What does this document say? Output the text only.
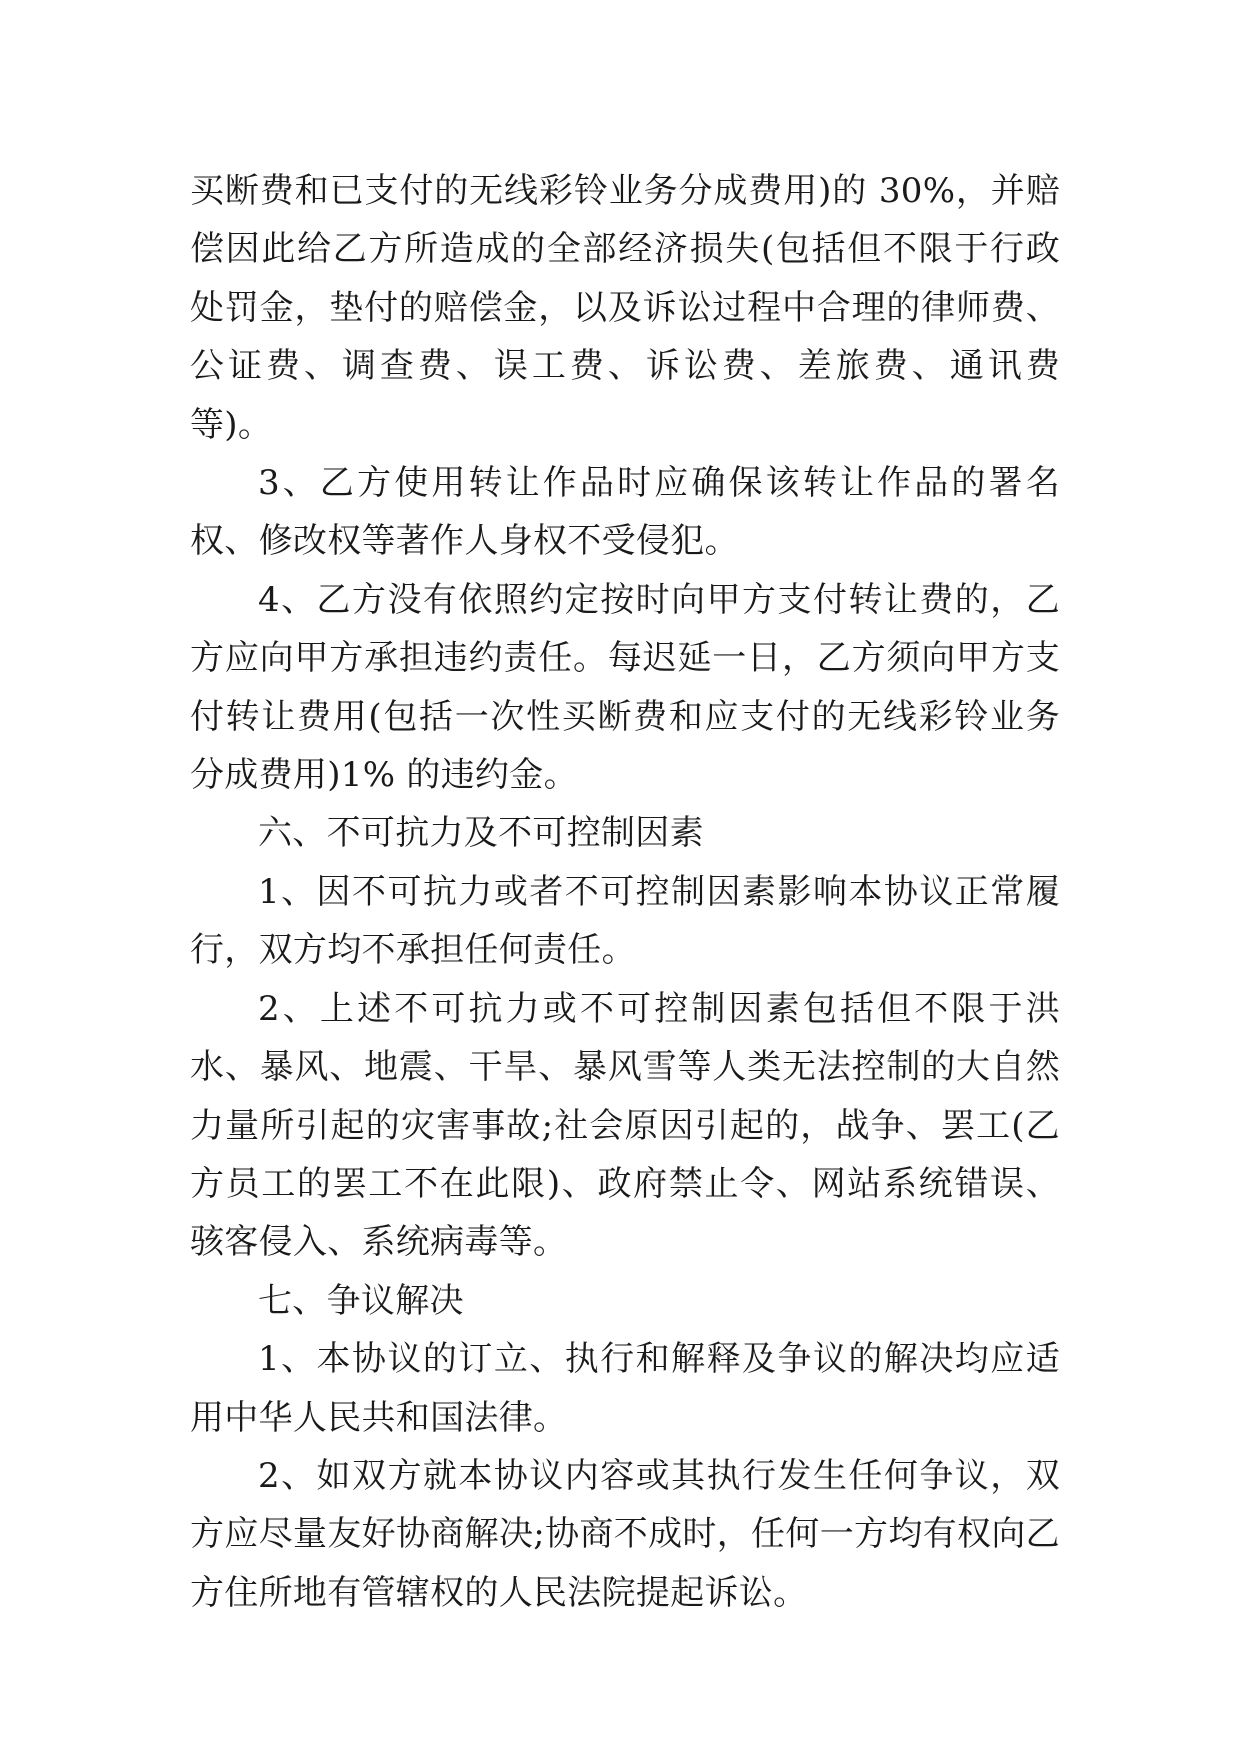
买断费和已支付的无线彩铃业务分成费用)的 30%，并赔偿因此给乙方所造成的全部经济损失(包括但不限于行政处罚金，垫付的赔偿金，以及诉讼过程中合理的律师费、公证费、调查费、误工费、诉讼费、差旅费、通讯费等)。

3、乙方使用转让作品时应确保该转让作品的署名权、修改权等著作人身权不受侵犯。

4、乙方没有依照约定按时向甲方支付转让费的，乙方应向甲方承担违约责任。每迟延一日，乙方须向甲方支付转让费用(包括一次性买断费和应支付的无线彩铃业务分成费用)1% 的违约金。

六、不可抗力及不可控制因素

1、因不可抗力或者不可控制因素影响本协议正常履行，双方均不承担任何责任。

2、上述不可抗力或不可控制因素包括但不限于洪水、暴风、地震、干旱、暴风雪等人类无法控制的大自然力量所引起的灾害事故;社会原因引起的，战争、罢工(乙方员工的罢工不在此限)、政府禁止令、网站系统错误、骇客侵入、系统病毒等。

七、争议解决

1、本协议的订立、执行和解释及争议的解决均应适用中华人民共和国法律。

2、如双方就本协议内容或其执行发生任何争议，双方应尽量友好协商解决;协商不成时，任何一方均有权向乙方住所地有管辖权的人民法院提起诉讼。
